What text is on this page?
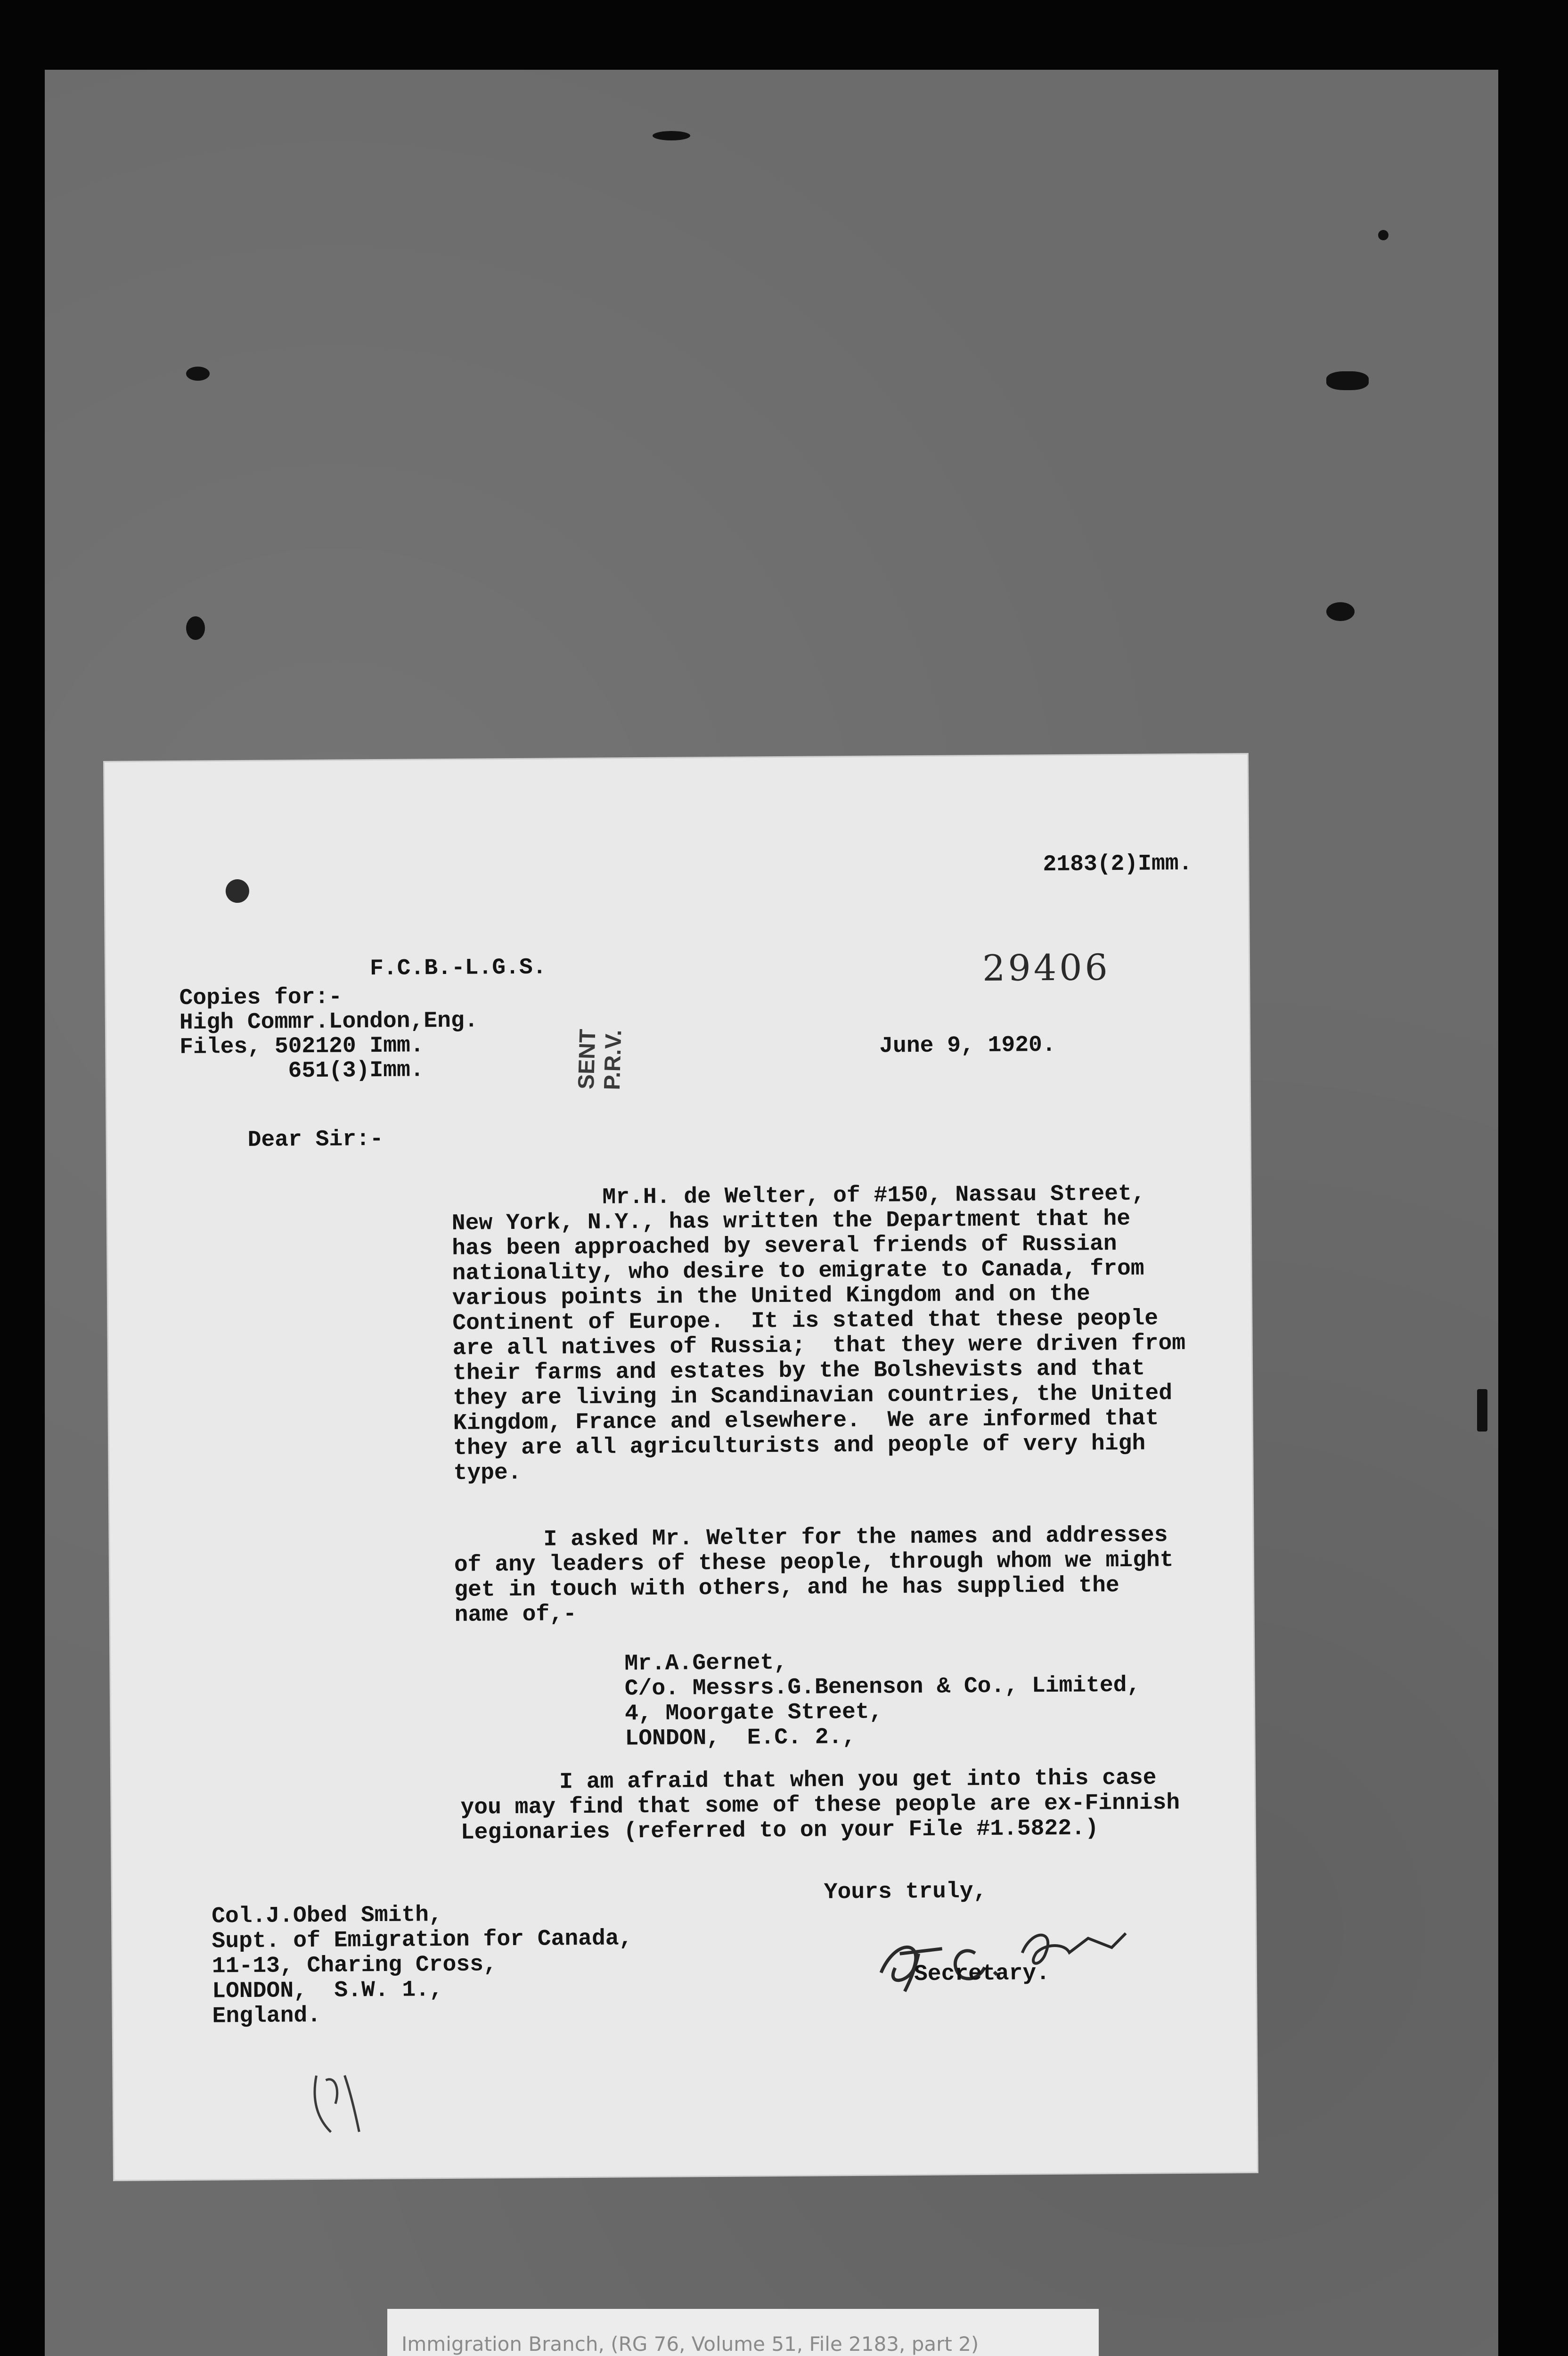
2183(2)Imm.
F.C.B.-L.G.S.	29406
Copies for:-
High Commr.London,Eng.
Files, 502120 Imm.
651(3)Imm.	SENT
P.R.V.	June 9, 1920.
Dear Sir:-
Mr.H. de Welter, of #150, Nassau Street,
New York, N.Y., has written the Department that he
has been approached by several friends of Russian
nationality, who desire to emigrate to Canada, from
various points in the United Kingdom and on the
Continent of Europe.  It is stated that these people
are all natives of Russia;  that they were driven from
their farms and estates by the Bolshevists and that
they are living in Scandinavian countries, the United
Kingdom, France and elsewhere.  We are informed that
they are all agriculturists and people of very high
type.
I asked Mr. Welter for the names and addresses
of any leaders of these people, through whom we might
get in touch with others, and he has supplied the
name of,-
Mr.A.Gernet,
C/o. Messrs.G.Benenson & Co., Limited,
4, Moorgate Street,
LONDON,  E.C. 2.,
I am afraid that when you get into this case
you may find that some of these people are ex-Finnish
Legionaries (referred to on your File #1.5822.)
Yours truly,
Secretary.
Col.J.Obed Smith,
Supt. of Emigration for Canada,
11-13, Charing Cross,
LONDON,  S.W. 1.,
England.
Immigration Branch, (RG 76, Volume 51, File 2183, part 2)
